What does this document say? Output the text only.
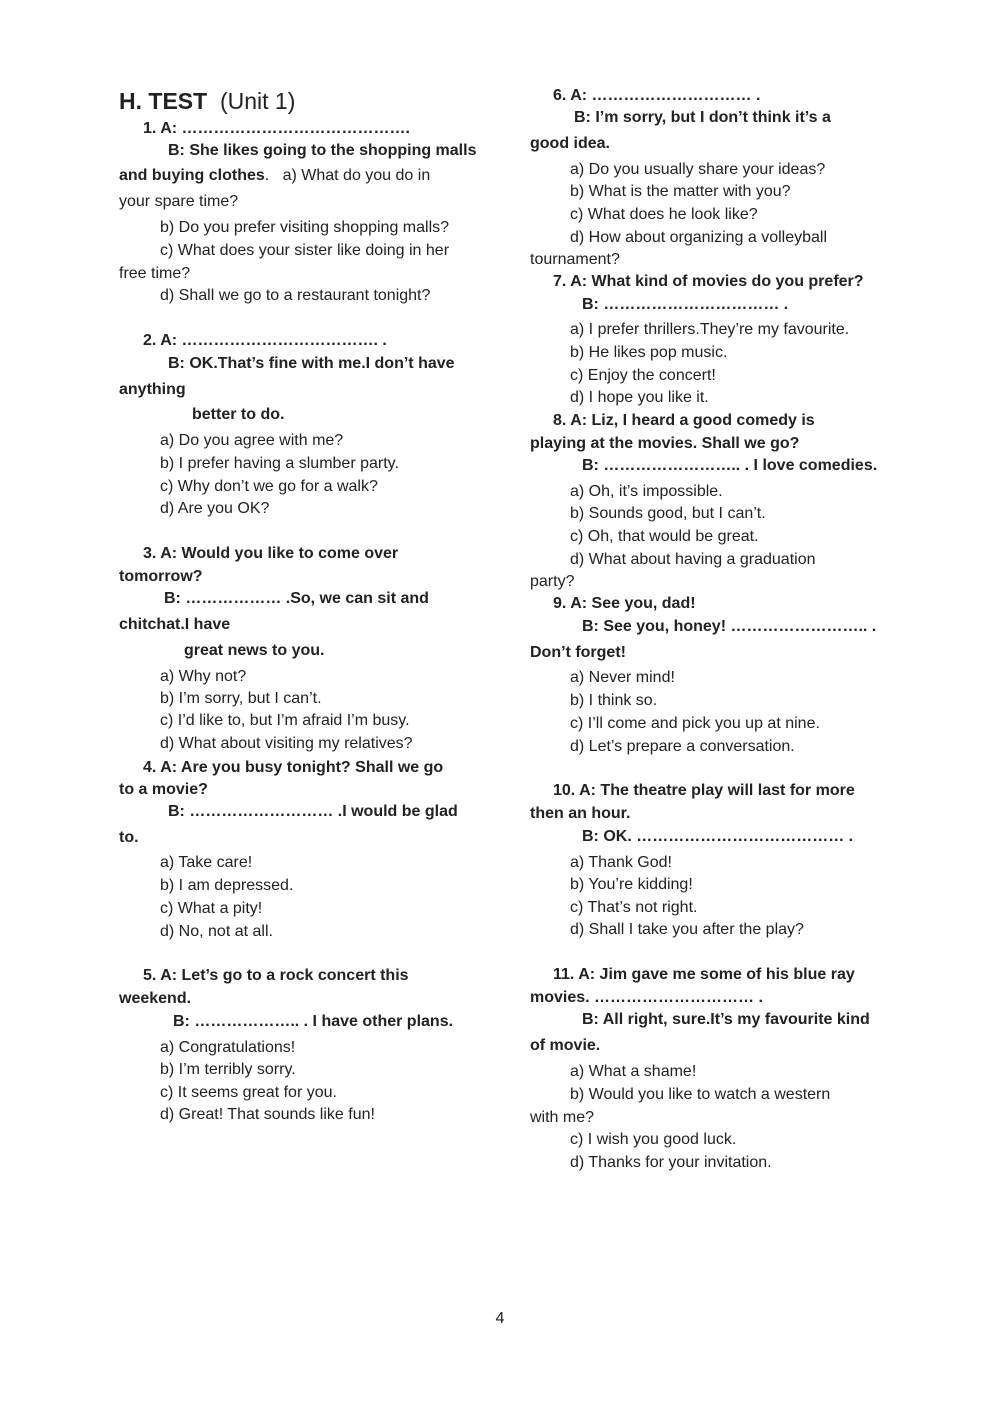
H. TEST (Unit 1)
1. A: …………………………………….
B: She likes going to the shopping malls
and buying clothes.   a) What do you do in
your spare time?
b) Do you prefer visiting shopping malls?
c) What does your sister like doing in her
free time?
d) Shall we go to a restaurant tonight?
2. A: ………………………………. .
B: OK.That’s fine with me.I don’t have
anything
better to do.
a) Do you agree with me?
b) I prefer having a slumber party.
c) Why don’t we go for a walk?
d) Are you OK?
3. A: Would you like to come over
tomorrow?
B: ……………… .So, we can sit and
chitchat.I have
great news to you.
a) Why not?
b) I’m sorry, but I can’t.
c) I’d like to, but I’m afraid I’m busy.
d) What about visiting my relatives?
4. A: Are you busy tonight? Shall we go
to a movie?
B: ……………………… .I would be glad
to.
a) Take care!
b) I am depressed.
c) What a pity!
d) No, not at all.
5. A: Let’s go to a rock concert this
weekend.
B: ……………….. . I have other plans.
a) Congratulations!
b) I’m terribly sorry.
c) It seems great for you.
d) Great! That sounds like fun!
6. A: ………………………… .
B: I’m sorry, but I don’t think it’s a
good idea.
a) Do you usually share your ideas?
b) What is the matter with you?
c) What does he look like?
d) How about organizing a volleyball
tournament?
7. A: What kind of movies do you prefer?
B: …………………………… .
a) I prefer thrillers.They’re my favourite.
b) He likes pop music.
c) Enjoy the concert!
d) I hope you like it.
8. A: Liz, I heard a good comedy is
playing at the movies. Shall we go?
B: …………………….. . I love comedies.
a) Oh, it’s impossible.
b) Sounds good, but I can’t.
c) Oh, that would be great.
d) What about having a graduation
party?
9. A: See you, dad!
B: See you, honey! …………………….. .
Don’t forget!
a) Never mind!
b) I think so.
c) I’ll come and pick you up at nine.
d) Let’s prepare a conversation.
10. A: The theatre play will last for more
then an hour.
B: OK. ………………………………… .
a) Thank God!
b) You’re kidding!
c) That’s not right.
d) Shall I take you after the play?
11. A: Jim gave me some of his blue ray
movies. ………………………… .
B: All right, sure.It’s my favourite kind
of movie.
a) What a shame!
b) Would you like to watch a western
with me?
c) I wish you good luck.
d) Thanks for your invitation.
4
